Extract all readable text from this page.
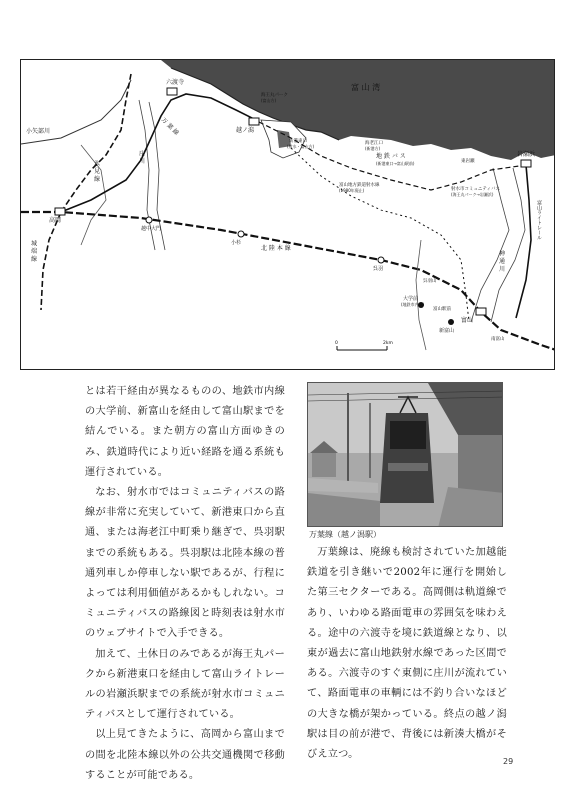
富 山 湾
六渡寺
万 葉 線	越ノ潟
新港東口
(射水・富山方)
海王丸パーク
(富山方)
小矢部川
庄 川
氷 見 線
城 端 線
高岡
越中大門
小杉
北 陸 本 線
呉羽
富山
新富山
大学前
(地鉄市内線)
岩瀬浜
富山ライトレール
神 通 川
射水市コミュニティバス
(海王丸パーク→岩瀬浜)
地 鉄 バ ス
(新港東口→富山駅前)
富山地方鉄道射水線
(1980年廃止)
海老江口
(新港方)
東岩瀬
呉羽山
富山駅前
南富山
0	2km

とは若干経由が異なるものの、地鉄市内線の大学前、新富山を経由して富山駅までを結んでいる。また朝方の富山方面ゆきのみ、鉄道時代により近い経路を通る系統も運行されている。

なお、射水市ではコミュニティバスの路線が非常に充実していて、新港東口から直通、または海老江中町乗り継ぎで、呉羽駅までの系統もある。呉羽駅は北陸本線の普通列車しか停車しない駅であるが、行程によっては利用価値があるかもしれない。コミュニティバスの路線図と時刻表は射水市のウェブサイトで入手できる。

加えて、土休日のみであるが海王丸パークから新港東口を経由して富山ライトレールの岩瀬浜駅までの系統が射水市コミュニティバスとして運行されている。

以上見てきたように、高岡から富山までの間を北陸本線以外の公共交通機関で移動することが可能である。

万葉線（越ノ潟駅）

万葉線は、廃線も検討されていた加越能鉄道を引き継いで2002年に運行を開始した第三セクターである。高岡側は軌道線であり、いわゆる路面電車の雰囲気を味わえる。途中の六渡寺を境に鉄道線となり、以東が過去に富山地鉄射水線であった区間である。六渡寺のすぐ東側に庄川が流れていて、路面電車の車輌には不釣り合いなほどの大きな橋が架かっている。終点の越ノ潟駅は目の前が港で、背後には新湊大橋がそびえ立つ。

29
